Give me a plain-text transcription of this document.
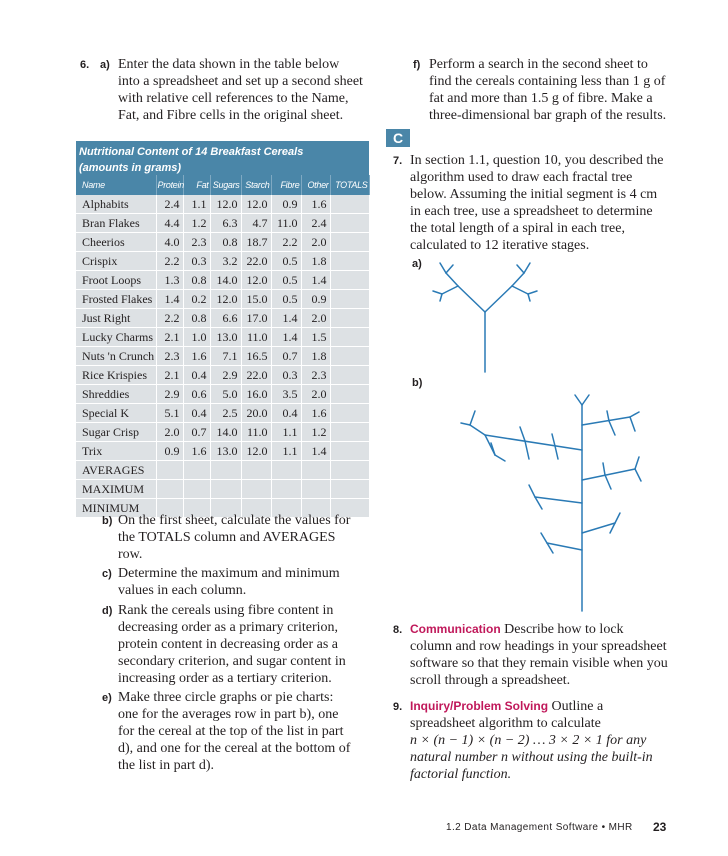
6. a) Enter the data shown in the table below into a spreadsheet and set up a second sheet with relative cell references to the Name, Fat, and Fibre cells in the original sheet.
Nutritional Content of 14 Breakfast Cereals
(amounts in grams)
Name	Protein	Fat	Sugars	Starch	Fibre	Other	TOTALS
Alphabits	2.4	1.1	12.0	12.0	0.9	1.6	
Bran Flakes	4.4	1.2	6.3	4.7	11.0	2.4	
Cheerios	4.0	2.3	0.8	18.7	2.2	2.0	
Crispix	2.2	0.3	3.2	22.0	0.5	1.8	
Froot Loops	1.3	0.8	14.0	12.0	0.5	1.4	
Frosted Flakes	1.4	0.2	12.0	15.0	0.5	0.9	
Just Right	2.2	0.8	6.6	17.0	1.4	2.0	
Lucky Charms	2.1	1.0	13.0	11.0	1.4	1.5	
Nuts 'n Crunch	2.3	1.6	7.1	16.5	0.7	1.8	
Rice Krispies	2.1	0.4	2.9	22.0	0.3	2.3	
Shreddies	2.9	0.6	5.0	16.0	3.5	2.0	
Special K	5.1	0.4	2.5	20.0	0.4	1.6	
Sugar Crisp	2.0	0.7	14.0	11.0	1.1	1.2	
Trix	0.9	1.6	13.0	12.0	1.1	1.4	
AVERAGES							
MAXIMUM							
MINIMUM							
b) On the first sheet, calculate the values for the TOTALS column and AVERAGES row.
c) Determine the maximum and minimum values in each column.
d) Rank the cereals using fibre content in decreasing order as a primary criterion, protein content in decreasing order as a secondary criterion, and sugar content in increasing order as a tertiary criterion.
e) Make three circle graphs or pie charts: one for the averages row in part b), one for the cereal at the top of the list in part d), and one for the cereal at the bottom of the list in part d).
f) Perform a search in the second sheet to find the cereals containing less than 1 g of fat and more than 1.5 g of fibre. Make a three-dimensional bar graph of the results.
C
7. In section 1.1, question 10, you described the algorithm used to draw each fractal tree below. Assuming the initial segment is 4 cm in each tree, use a spreadsheet to determine the total length of a spiral in each tree, calculated to 12 iterative stages.
a)
b)
8. Communication Describe how to lock column and row headings in your spreadsheet software so that they remain visible when you scroll through a spreadsheet.
9. Inquiry/Problem Solving Outline a spreadsheet algorithm to calculate
n × (n − 1) × (n − 2) … 3 × 2 × 1 for any natural number n without using the built-in factorial function.
1.2 Data Management Software • MHR 23
